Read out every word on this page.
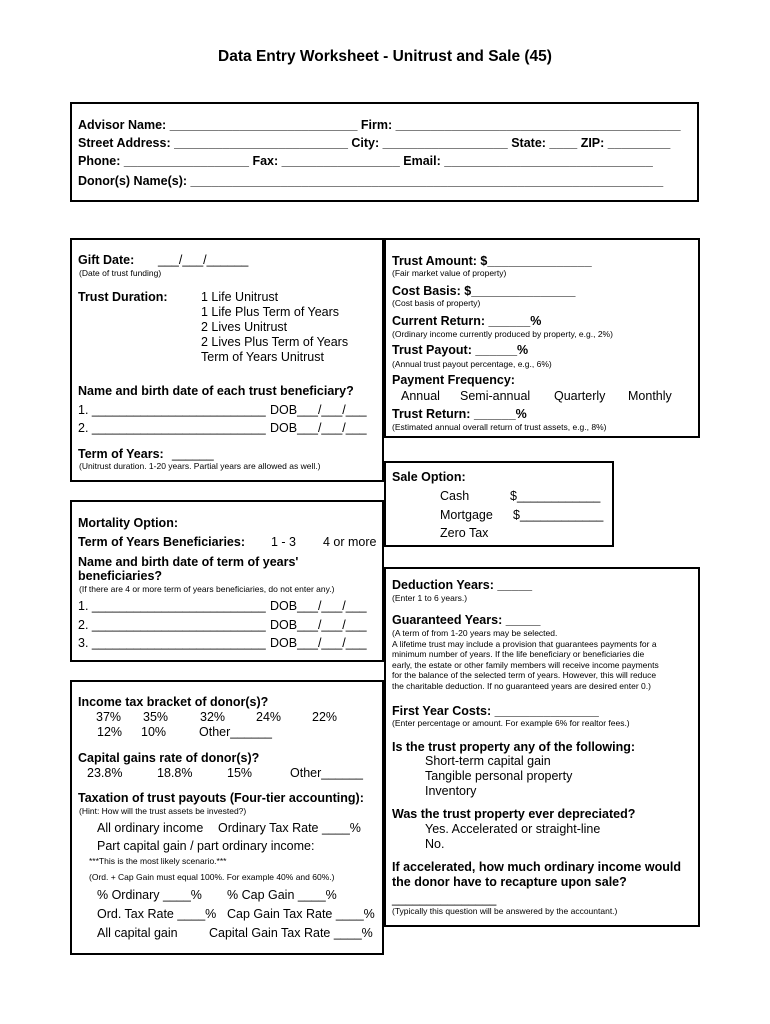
Data Entry Worksheet - Unitrust and Sale (45)
Advisor Name: ___________________________ Firm: _________________________________________
Street Address: _________________________ City: __________________ State: ____ ZIP: _________
Phone: __________________ Fax: _________________ Email: ______________________________
Donor(s) Name(s): ____________________________________________________________________
Gift Date: ___/___/______
(Date of trust funding)
Trust Duration:	1 Life Unitrust
1 Life Plus Term of Years
2 Lives Unitrust
2 Lives Plus Term of Years
Term of Years Unitrust
Name and birth date of each trust beneficiary?
1. _________________________ DOB___/___/___
2. _________________________ DOB___/___/___
Term of Years: ______
(Unitrust duration. 1-20 years. Partial years are allowed as well.)
Mortality Option:
Term of Years Beneficiaries: 1 - 3 4 or more
Name and birth date of term of years'
beneficiaries?
(If there are 4 or more term of years beneficiaries, do not enter any.)
1. _________________________ DOB___/___/___
2. _________________________ DOB___/___/___
3. _________________________ DOB___/___/___
Income tax bracket of donor(s)?
37% 35%	32% 24% 22%
12% 10%	Other______
Capital gains rate of donor(s)?
23.8%	18.8%	15%	Other______
Taxation of trust payouts (Four-tier accounting):
(Hint: How will the trust assets be invested?)
All ordinary income Ordinary Tax Rate ____%
Part capital gain / part ordinary income:
***This is the most likely scenario.***
(Ord. + Cap Gain must equal 100%. For example 40% and 60%.)
% Ordinary ____% % Cap Gain ____%
Ord. Tax Rate ____% Cap Gain Tax Rate ____%
All capital gain	Capital Gain Tax Rate ____%
Trust Amount: $_______________
(Fair market value of property)
Cost Basis: $_______________
(Cost basis of property)
Current Return: ______%
(Ordinary income currently produced by property, e.g., 2%)
Trust Payout: ______%
(Annual trust payout percentage, e.g., 6%)
Payment Frequency:
Annual Semi-annual Quarterly Monthly
Trust Return: ______%
(Estimated annual overall return of trust assets, e.g., 8%)
Sale Option:
Cash	$____________
Mortgage $____________
Zero Tax
Deduction Years: _____
(Enter 1 to 6 years.)
Guaranteed Years: _____
(A term of from 1-20 years may be selected.
A lifetime trust may include a provision that guarantees payments for a
minimum number of years. If the life beneficiary or beneficiaries die
early, the estate or other family members will receive income payments
for the balance of the selected term of years. However, this will reduce
the charitable deduction. If no guaranteed years are desired enter 0.)
First Year Costs: _______________
(Enter percentage or amount. For example 6% for realtor fees.)
Is the trust property any of the following:
Short-term capital gain
Tangible personal property
Inventory
Was the trust property ever depreciated?
Yes. Accelerated or straight-line
No.
If accelerated, how much ordinary income would
the donor have to recapture upon sale?
_______________
(Typically this question will be answered by the accountant.)
